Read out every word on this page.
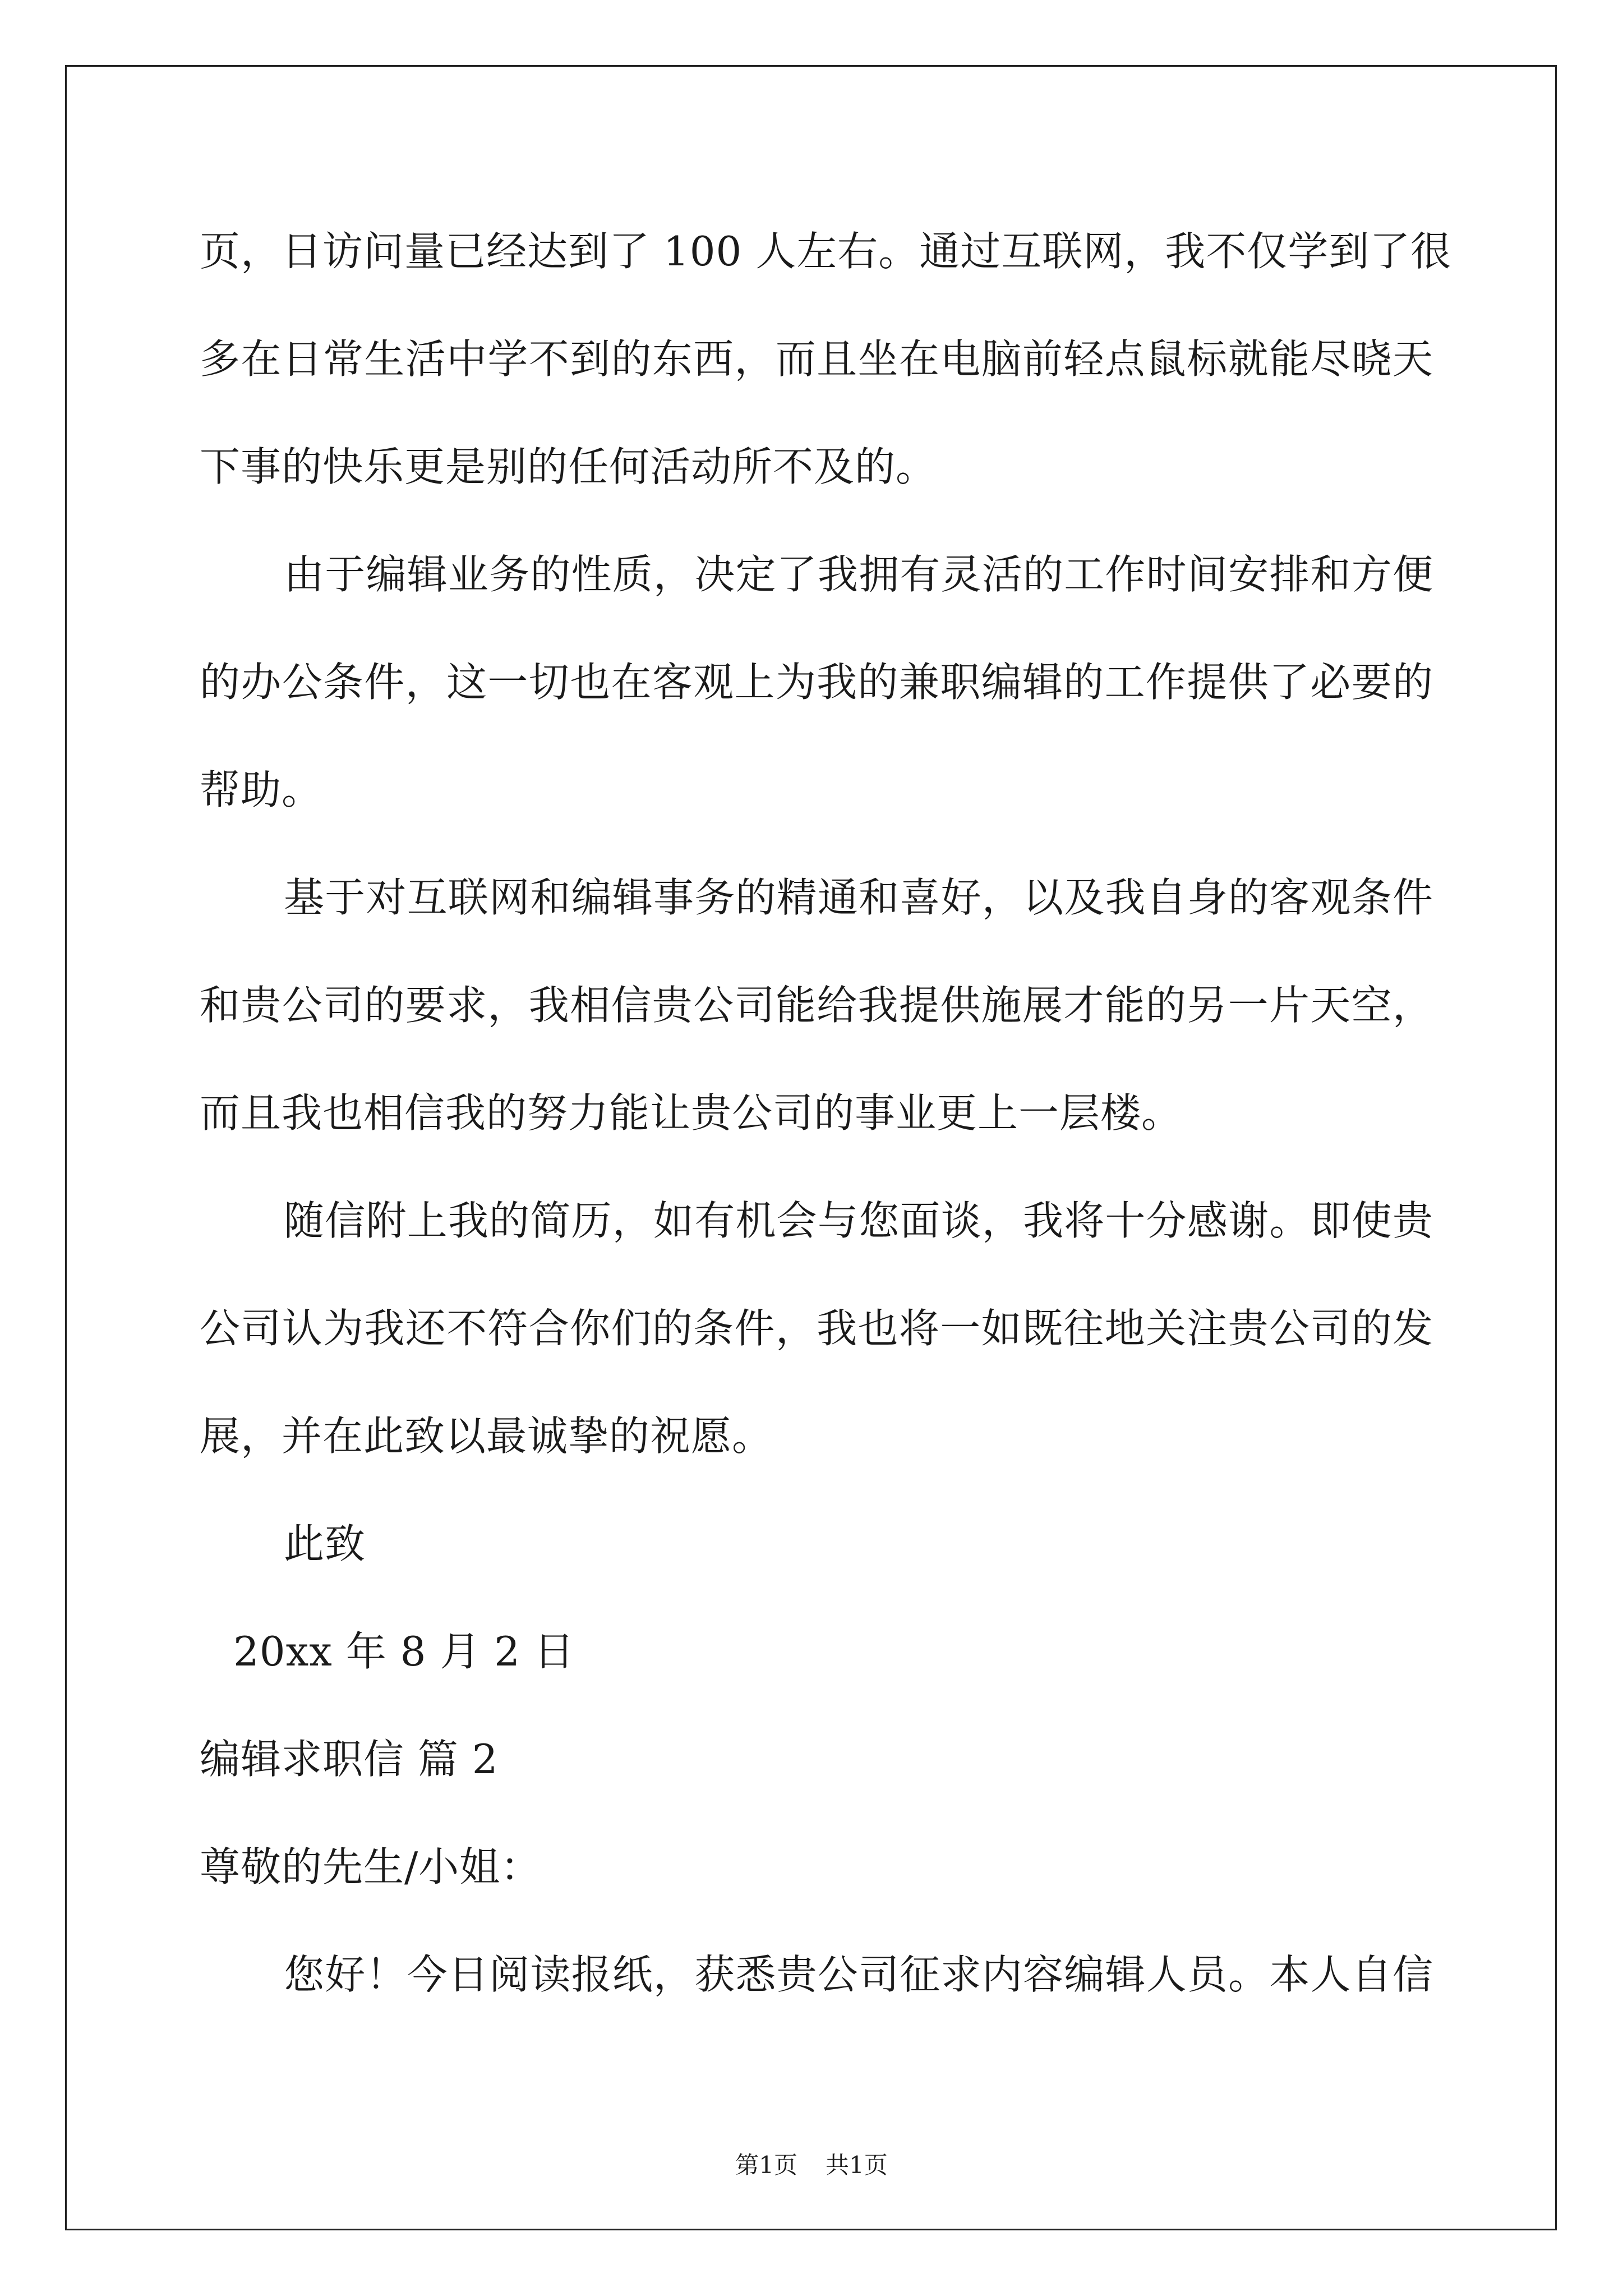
页，日访问量已经达到了 100 人左右。通过互联网，我不仅学到了很
多在日常生活中学不到的东西，而且坐在电脑前轻点鼠标就能尽晓天
下事的快乐更是别的任何活动所不及的。
由于编辑业务的性质，决定了我拥有灵活的工作时间安排和方便
的办公条件，这一切也在客观上为我的兼职编辑的工作提供了必要的
帮助。
基于对互联网和编辑事务的精通和喜好，以及我自身的客观条件
和贵公司的要求，我相信贵公司能给我提供施展才能的另一片天空，
而且我也相信我的努力能让贵公司的事业更上一层楼。
随信附上我的简历，如有机会与您面谈，我将十分感谢。即使贵
公司认为我还不符合你们的条件，我也将一如既往地关注贵公司的发
展，并在此致以最诚挚的祝愿。
此致
20xx 年 8 月 2 日
编辑求职信 篇 2
尊敬的先生/小姐：
您好！今日阅读报纸，获悉贵公司征求内容编辑人员。本人自信
第1页 共1页
